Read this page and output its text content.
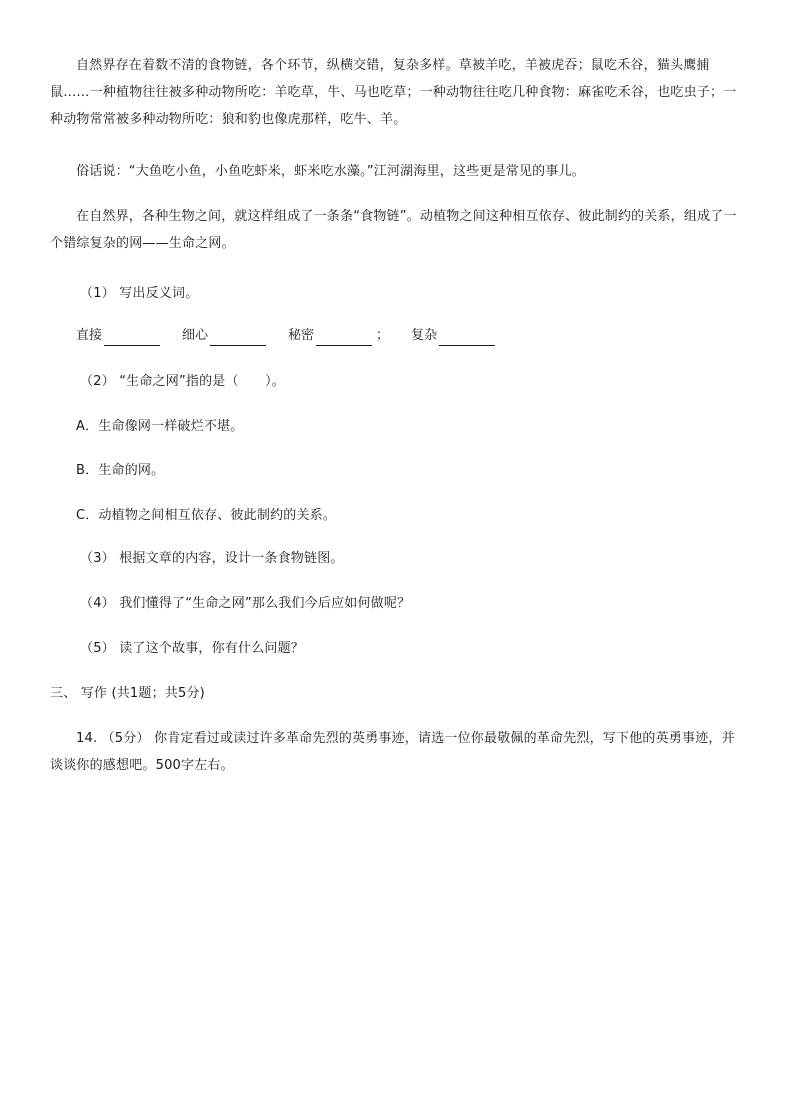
自然界存在着数不清的食物链，各个环节，纵横交错，复杂多样。草被羊吃，羊被虎吞；鼠吃禾谷，猫头鹰捕鼠……一种植物往往被多种动物所吃：羊吃草，牛、马也吃草；一种动物往往吃几种食物：麻雀吃禾谷，也吃虫子；一种动物常常被多种动物所吃：狼和豹也像虎那样，吃牛、羊。
俗话说：“大鱼吃小鱼，小鱼吃虾米，虾米吃水藻。”江河湖海里，这些更是常见的事儿。
在自然界，各种生物之间，就这样组成了一条条“食物链”。动植物之间这种相互依存、彼此制约的关系，组成了一个错综复杂的网——生命之网。
（1） 写出反义词。
直接	细心	秘密	； 复杂
（2） “生命之网”指的是（　　）。
A．生命像网一样破烂不堪。
B．生命的网。
C．动植物之间相互依存、彼此制约的关系。
（3） 根据文章的内容，设计一条食物链图。
（4） 我们懂得了“生命之网”那么我们今后应如何做呢？
（5） 读了这个故事，你有什么问题？
三、 写作 (共1题；共5分)
14. （5分） 你肯定看过或读过许多革命先烈的英勇事迹，请选一位你最敬佩的革命先烈，写下他的英勇事迹，并谈谈你的感想吧。500字左右。
